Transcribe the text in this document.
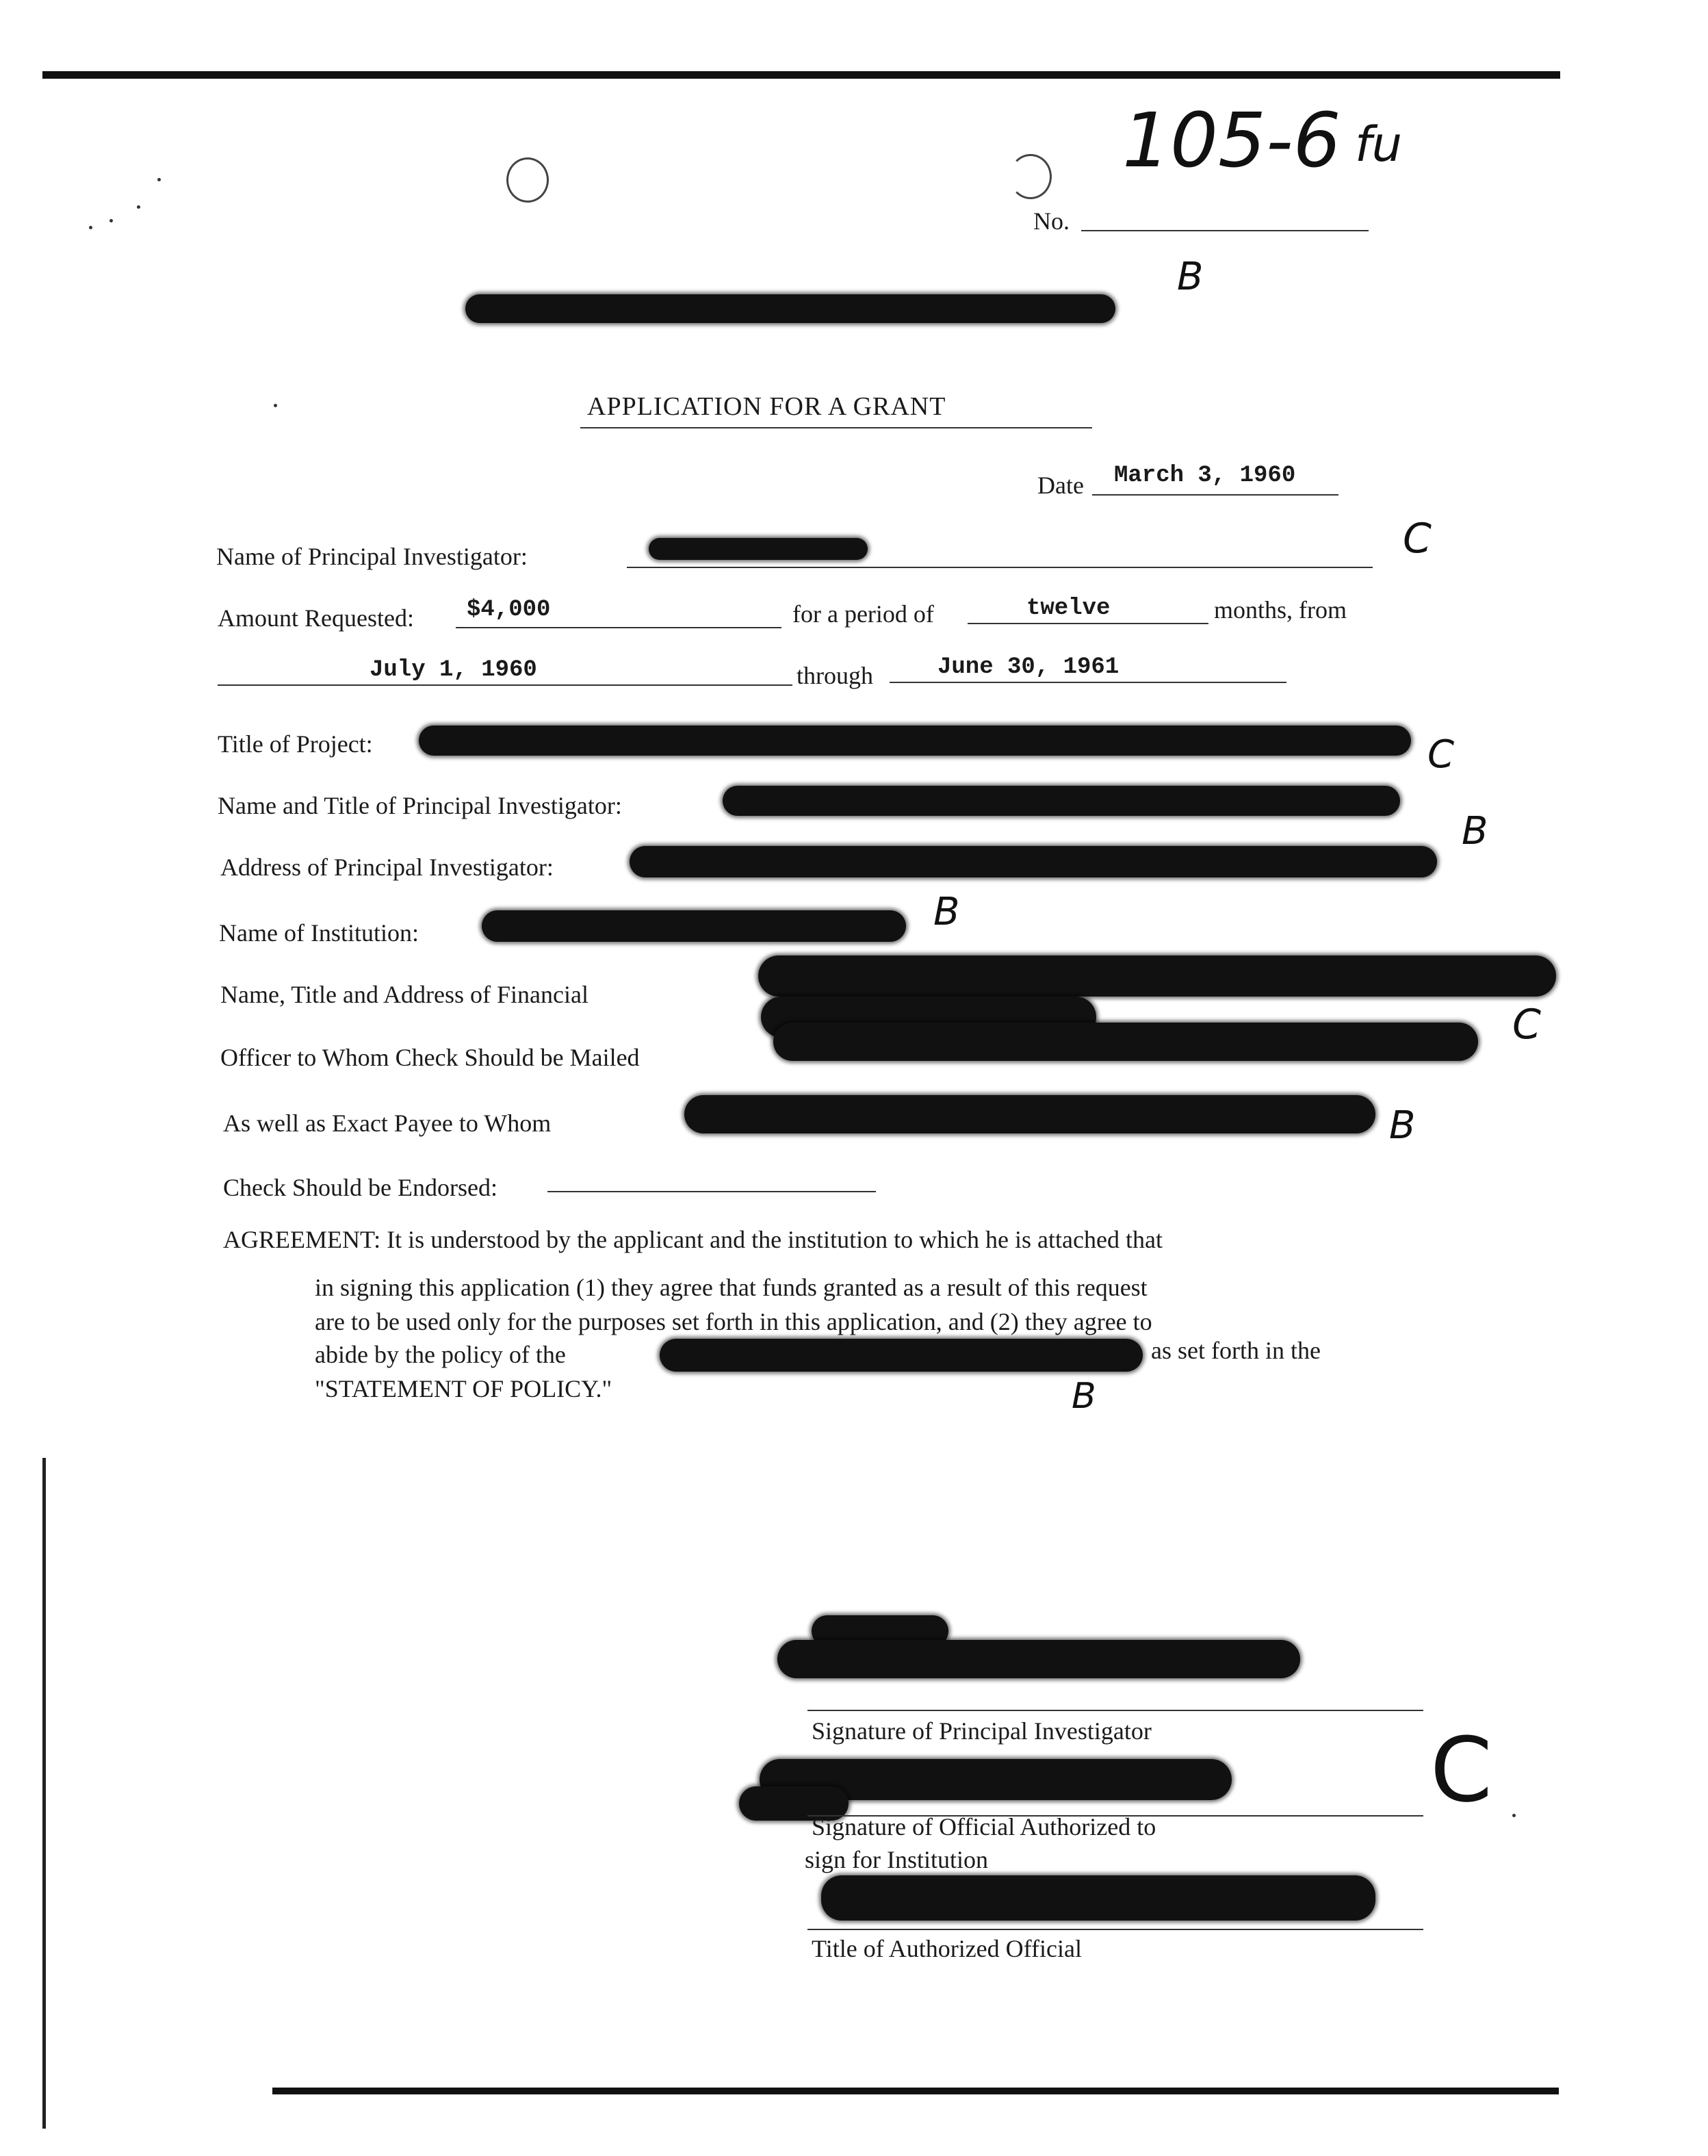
105-6 fu
No.
B
APPLICATION FOR A GRANT
Date March 3, 1960
Name of Principal Investigator:	C
Amount Requested: $4,000	for a period of	twelve	months, from
July 1, 1960	through	June 30, 1961
Title of Project:	C
Name and Title of Principal Investigator:
B
Address of Principal Investigator:
Name of Institution:	B
Name, Title and Address of Financial
Officer to Whom Check Should be Mailed
C
As well as Exact Payee to Whom	B
Check Should be Endorsed:
AGREEMENT: It is understood by the applicant and the institution to which he is attached that
in signing this application (1) they agree that funds granted as a result of this request
are to be used only for the purposes set forth in this application, and (2) they agree to
abide by the policy of the	as set forth in the
"STATEMENT OF POLICY."	B
Signature of Principal Investigator
Signature of Official Authorized to
sign for Institution
C
Title of Authorized Official
